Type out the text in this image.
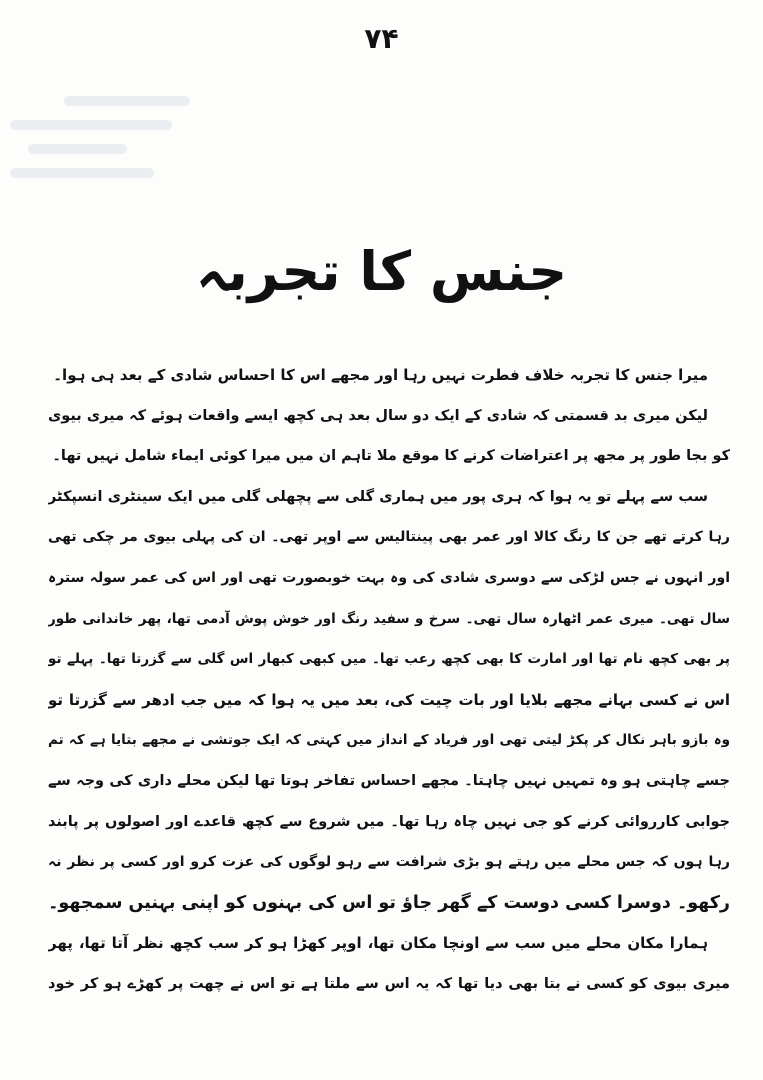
۷۴
جنس کا تجربہ
میرا جنس کا تجربہ خلاف فطرت نہیں رہا اور مجھے اس کا احساس شادی کے بعد ہی ہوا۔
لیکن میری بد قسمتی کہ شادی کے ایک دو سال بعد ہی کچھ ایسے واقعات ہوئے کہ میری بیوی
کو بجا طور پر مجھ پر اعتراضات کرنے کا موقع ملا تاہم ان میں میرا کوئی ایماء شامل نہیں تھا۔
سب سے پہلے تو یہ ہوا کہ ہری پور میں ہماری گلی سے پچھلی گلی میں ایک سینٹری انسپکٹر
رہا کرتے تھے جن کا رنگ کالا اور عمر بھی پینتالیس سے اوپر تھی۔ ان کی پہلی بیوی مر چکی تھی
اور انہوں نے جس لڑکی سے دوسری شادی کی وہ بہت خوبصورت تھی اور اس کی عمر سولہ سترہ
سال تھی۔ میری عمر اٹھارہ سال تھی۔ سرخ و سفید رنگ اور خوش پوش آدمی تھا، پھر خاندانی طور
پر بھی کچھ نام تھا اور امارت کا بھی کچھ رعب تھا۔ میں کبھی کبھار اس گلی سے گزرتا تھا۔ پہلے تو
اس نے کسی بہانے مجھے بلایا اور بات چیت کی، بعد میں یہ ہوا کہ میں جب ادھر سے گزرتا تو
وہ بازو باہر نکال کر پکڑ لیتی تھی اور فریاد کے انداز میں کہتی کہ ایک جوتشی نے مجھے بتایا ہے کہ تم
جسے چاہتی ہو وہ تمہیں نہیں چاہتا۔ مجھے احساس تفاخر ہوتا تھا لیکن محلے داری کی وجہ سے
جوابی کارروائی کرنے کو جی نہیں چاہ رہا تھا۔ میں شروع سے کچھ قاعدے اور اصولوں پر پابند
رہا ہوں کہ جس محلے میں رہتے ہو بڑی شرافت سے رہو لوگوں کی عزت کرو اور کسی پر نظر نہ
رکھو۔ دوسرا کسی دوست کے گھر جاؤ تو اس کی بہنوں کو اپنی بہنیں سمجھو۔
ہمارا مکان محلے میں سب سے اونچا مکان تھا، اوپر کھڑا ہو کر سب کچھ نظر آتا تھا، پھر
میری بیوی کو کسی نے بتا بھی دیا تھا کہ یہ اس سے ملتا ہے تو اس نے چھت پر کھڑے ہو کر خود
